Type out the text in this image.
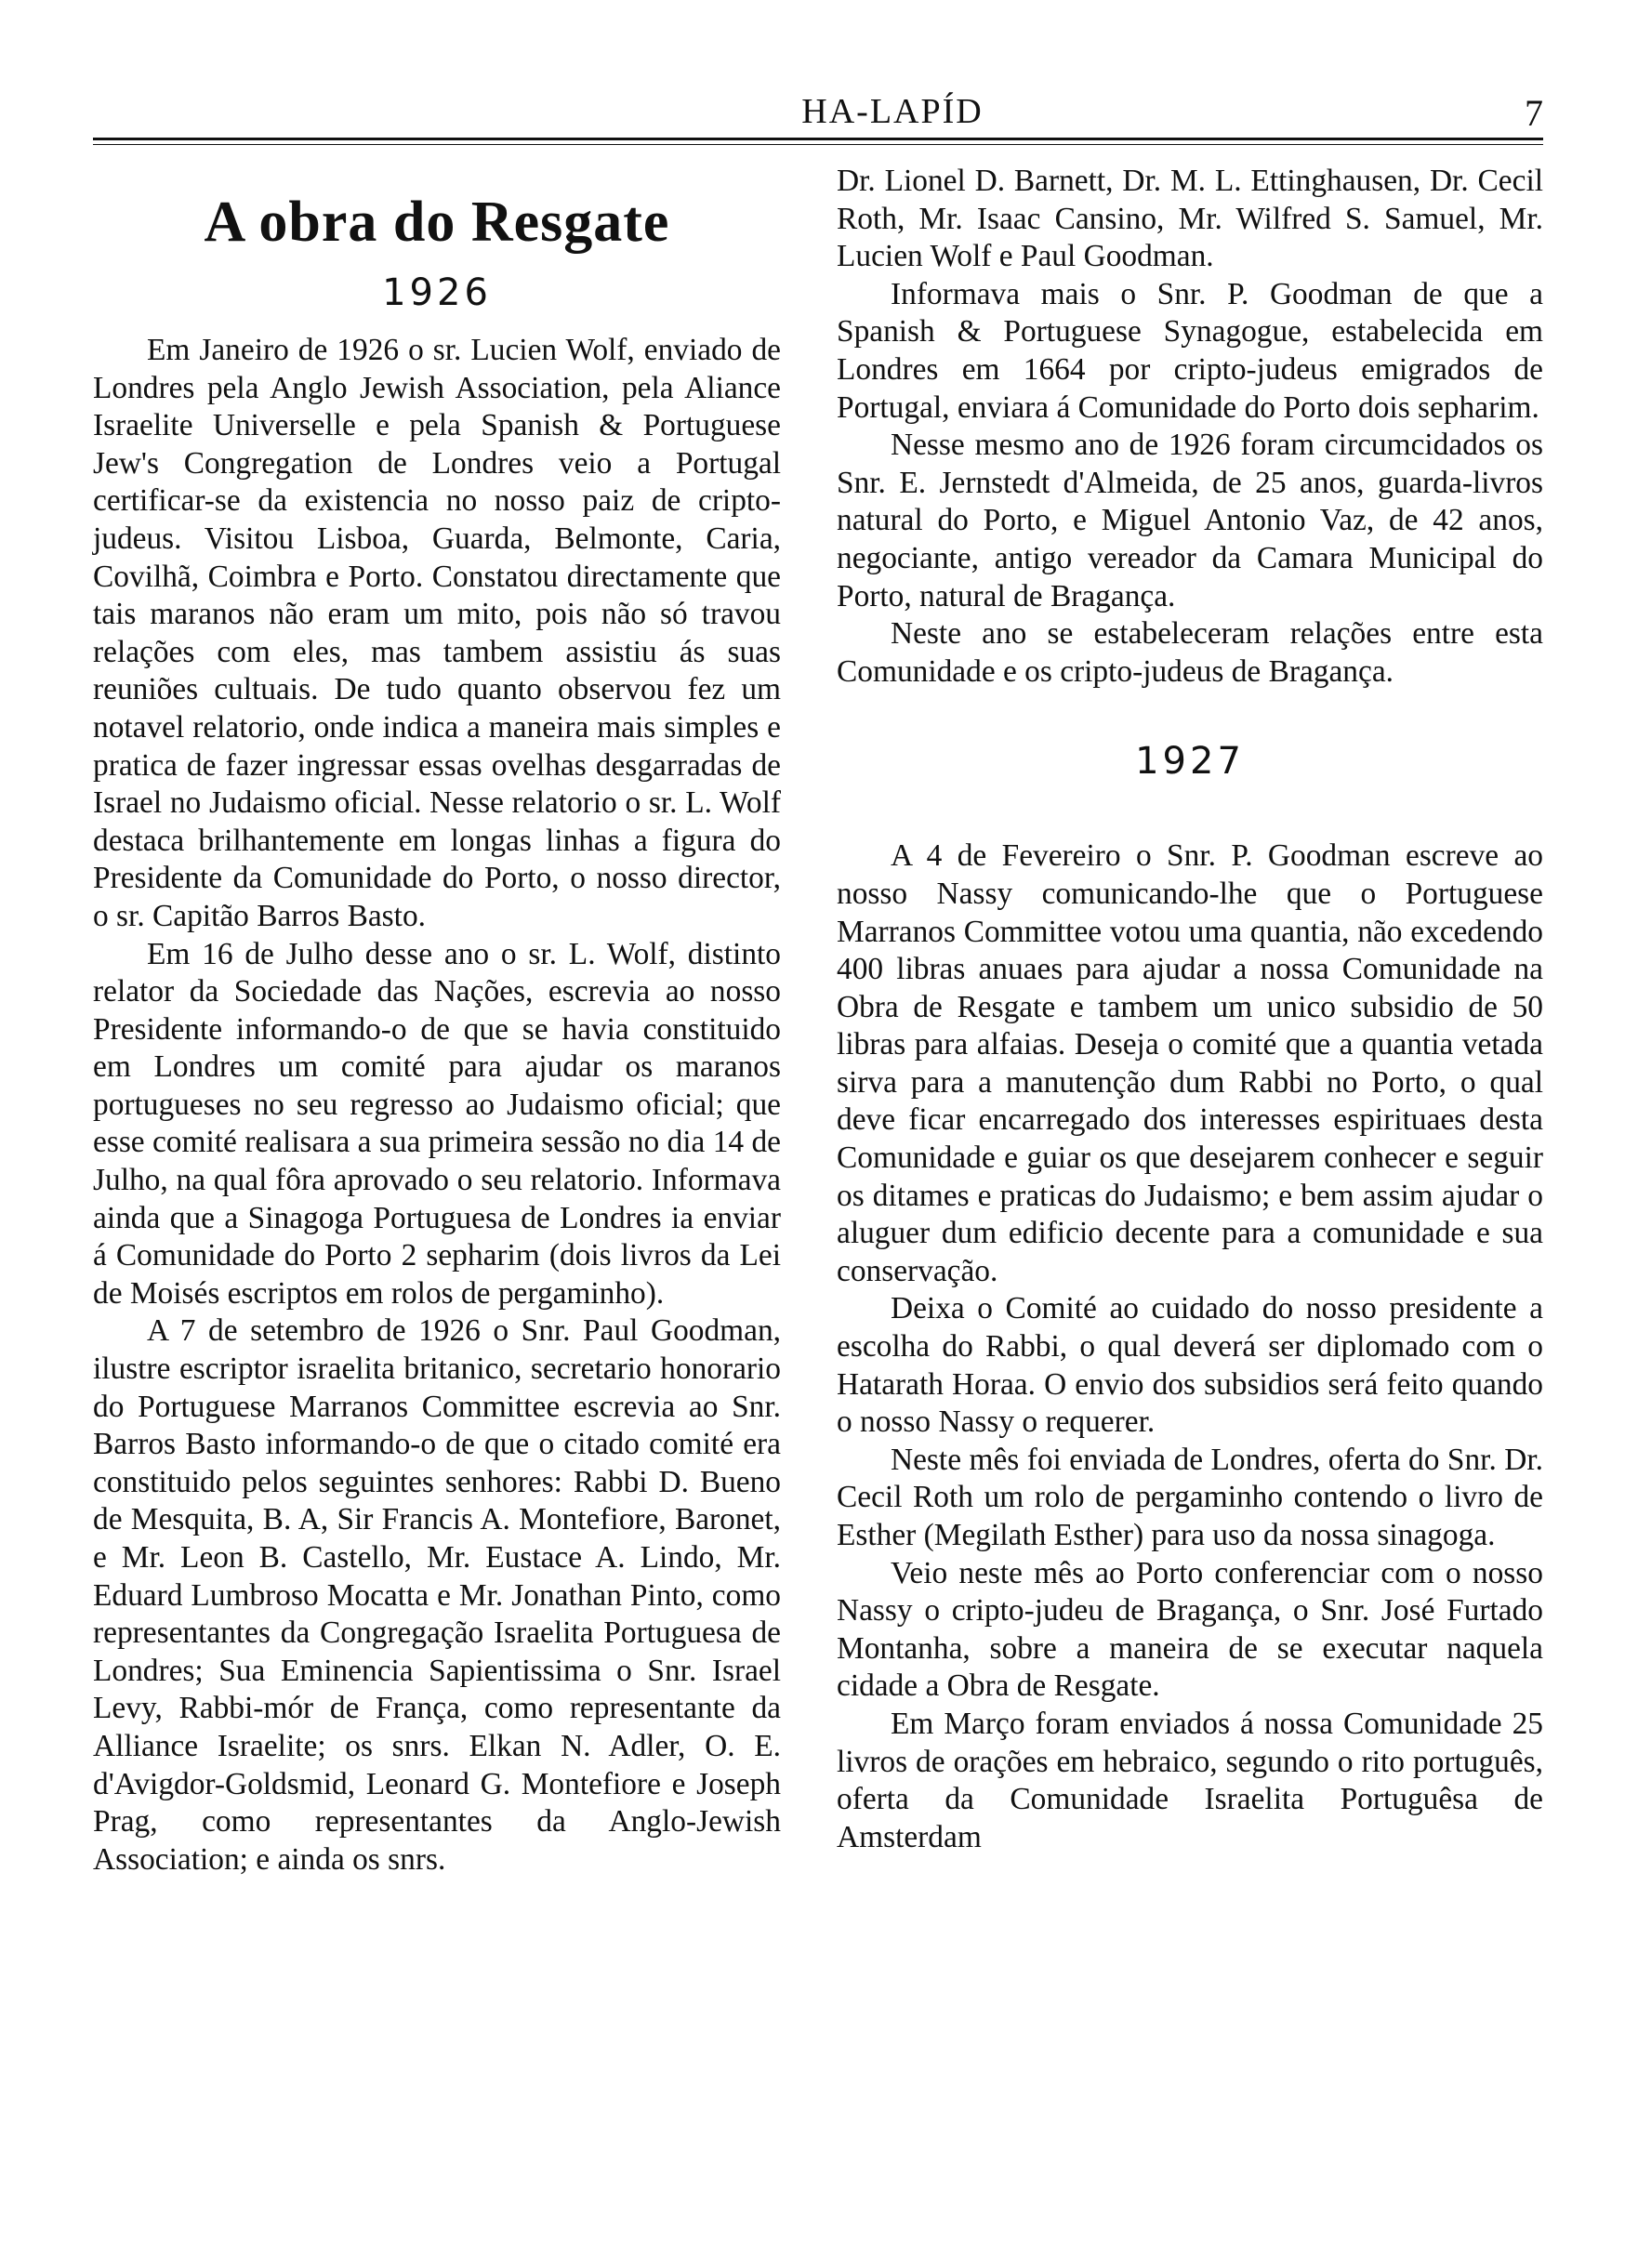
HA-LAPÍD	7
A obra do Resgate
1926

Em Janeiro de 1926 o sr. Lucien Wolf, enviado de Londres pela Anglo Jewish Association, pela Aliance Israelite Universelle e pela Spanish & Portuguese Jew's Congregation de Londres veio a Portugal certificar-se da existencia no nosso paiz de cripto-judeus. Visitou Lisboa, Guarda, Belmonte, Caria, Covilhã, Coimbra e Porto. Constatou directamente que tais maranos não eram um mito, pois não só travou relações com eles, mas tambem assistiu ás suas reuniões cultuais. De tudo quanto observou fez um notavel relatorio, onde indica a maneira mais simples e pratica de fazer ingressar essas ovelhas desgarradas de Israel no Judaismo oficial. Nesse relatorio o sr. L. Wolf destaca brilhantemente em longas linhas a figura do Presidente da Comunidade do Porto, o nosso director, o sr. Capitão Barros Basto.

Em 16 de Julho desse ano o sr. L. Wolf, distinto relator da Sociedade das Nações, escrevia ao nosso Presidente informando-o de que se havia constituido em Londres um comité para ajudar os maranos portugueses no seu regresso ao Judaismo oficial; que esse comité realisara a sua primeira sessão no dia 14 de Julho, na qual fôra aprovado o seu relatorio. Informava ainda que a Sinagoga Portuguesa de Londres ia enviar á Comunidade do Porto 2 sepharim (dois livros da Lei de Moisés escriptos em rolos de pergaminho).

A 7 de setembro de 1926 o Snr. Paul Goodman, ilustre escriptor israelita britanico, secretario honorario do Portuguese Marranos Committee escrevia ao Snr. Barros Basto informando-o de que o citado comité era constituido pelos seguintes senhores: Rabbi D. Bueno de Mesquita, B. A, Sir Francis A. Montefiore, Baronet, e Mr. Leon B. Castello, Mr. Eustace A. Lindo, Mr. Eduard Lumbroso Mocatta e Mr. Jonathan Pinto, como representantes da Congregação Israelita Portuguesa de Londres; Sua Eminencia Sapientissima o Snr. Israel Levy, Rabbi-mór de França, como representante da Alliance Israelite; os snrs. Elkan N. Adler, O. E. d'Avigdor-Goldsmid, Leonard G. Montefiore e Joseph Prag, como representantes da Anglo-Jewish Association; e ainda os snrs.

Dr. Lionel D. Barnett, Dr. M. L. Ettinghausen, Dr. Cecil Roth, Mr. Isaac Cansino, Mr. Wilfred S. Samuel, Mr. Lucien Wolf e Paul Goodman.

Informava mais o Snr. P. Goodman de que a Spanish & Portuguese Synagogue, estabelecida em Londres em 1664 por cripto-judeus emigrados de Portugal, enviara á Comunidade do Porto dois sepharim.

Nesse mesmo ano de 1926 foram circumcidados os Snr. E. Jernstedt d'Almeida, de 25 anos, guarda-livros natural do Porto, e Miguel Antonio Vaz, de 42 anos, negociante, antigo vereador da Camara Municipal do Porto, natural de Bragança.

Neste ano se estabeleceram relações entre esta Comunidade e os cripto-judeus de Bragança.

1927

A 4 de Fevereiro o Snr. P. Goodman escreve ao nosso Nassy comunicando-lhe que o Portuguese Marranos Committee votou uma quantia, não excedendo 400 libras anuaes para ajudar a nossa Comunidade na Obra de Resgate e tambem um unico subsidio de 50 libras para alfaias. Deseja o comité que a quantia vetada sirva para a manutenção dum Rabbi no Porto, o qual deve ficar encarregado dos interesses espirituaes desta Comunidade e guiar os que desejarem conhecer e seguir os ditames e praticas do Judaismo; e bem assim ajudar o aluguer dum edificio decente para a comunidade e sua conservação.

Deixa o Comité ao cuidado do nosso presidente a escolha do Rabbi, o qual deverá ser diplomado com o Hatarath Horaa. O envio dos subsidios será feito quando o nosso Nassy o requerer.

Neste mês foi enviada de Londres, oferta do Snr. Dr. Cecil Roth um rolo de pergaminho contendo o livro de Esther (Megilath Esther) para uso da nossa sinagoga.

Veio neste mês ao Porto conferenciar com o nosso Nassy o cripto-judeu de Bragança, o Snr. José Furtado Montanha, sobre a maneira de se executar naquela cidade a Obra de Resgate.

Em Março foram enviados á nossa Comunidade 25 livros de orações em hebraico, segundo o rito português, oferta da Comunidade Israelita Portuguêsa de Amsterdam
